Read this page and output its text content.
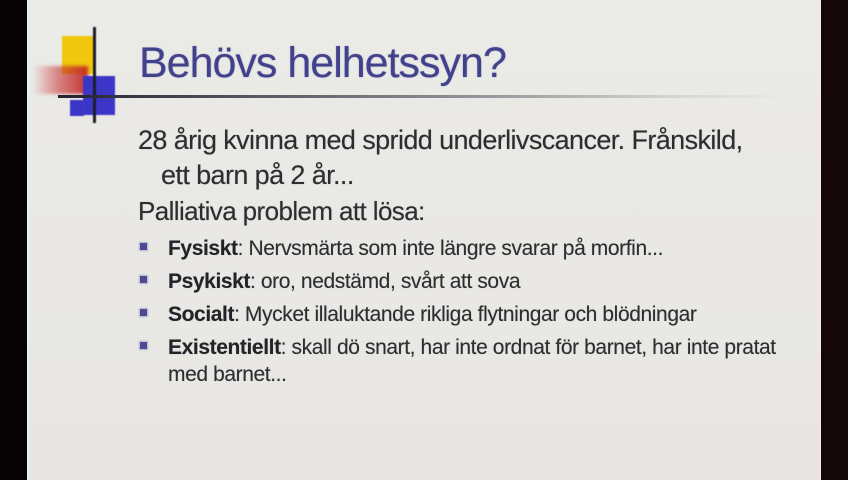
Behövs helhetssyn?
28 årig kvinna med spridd underlivscancer. Frånskild,
ett barn på 2 år...
Palliativa problem att lösa:

Fysiskt: Nervsmärta som inte längre svarar på morfin...

Psykiskt: oro, nedstämd, svårt att sova

Socialt: Mycket illaluktande rikliga flytningar och blödningar

Existentiellt: skall dö snart, har inte ordnat för barnet, har inte pratat med barnet...
